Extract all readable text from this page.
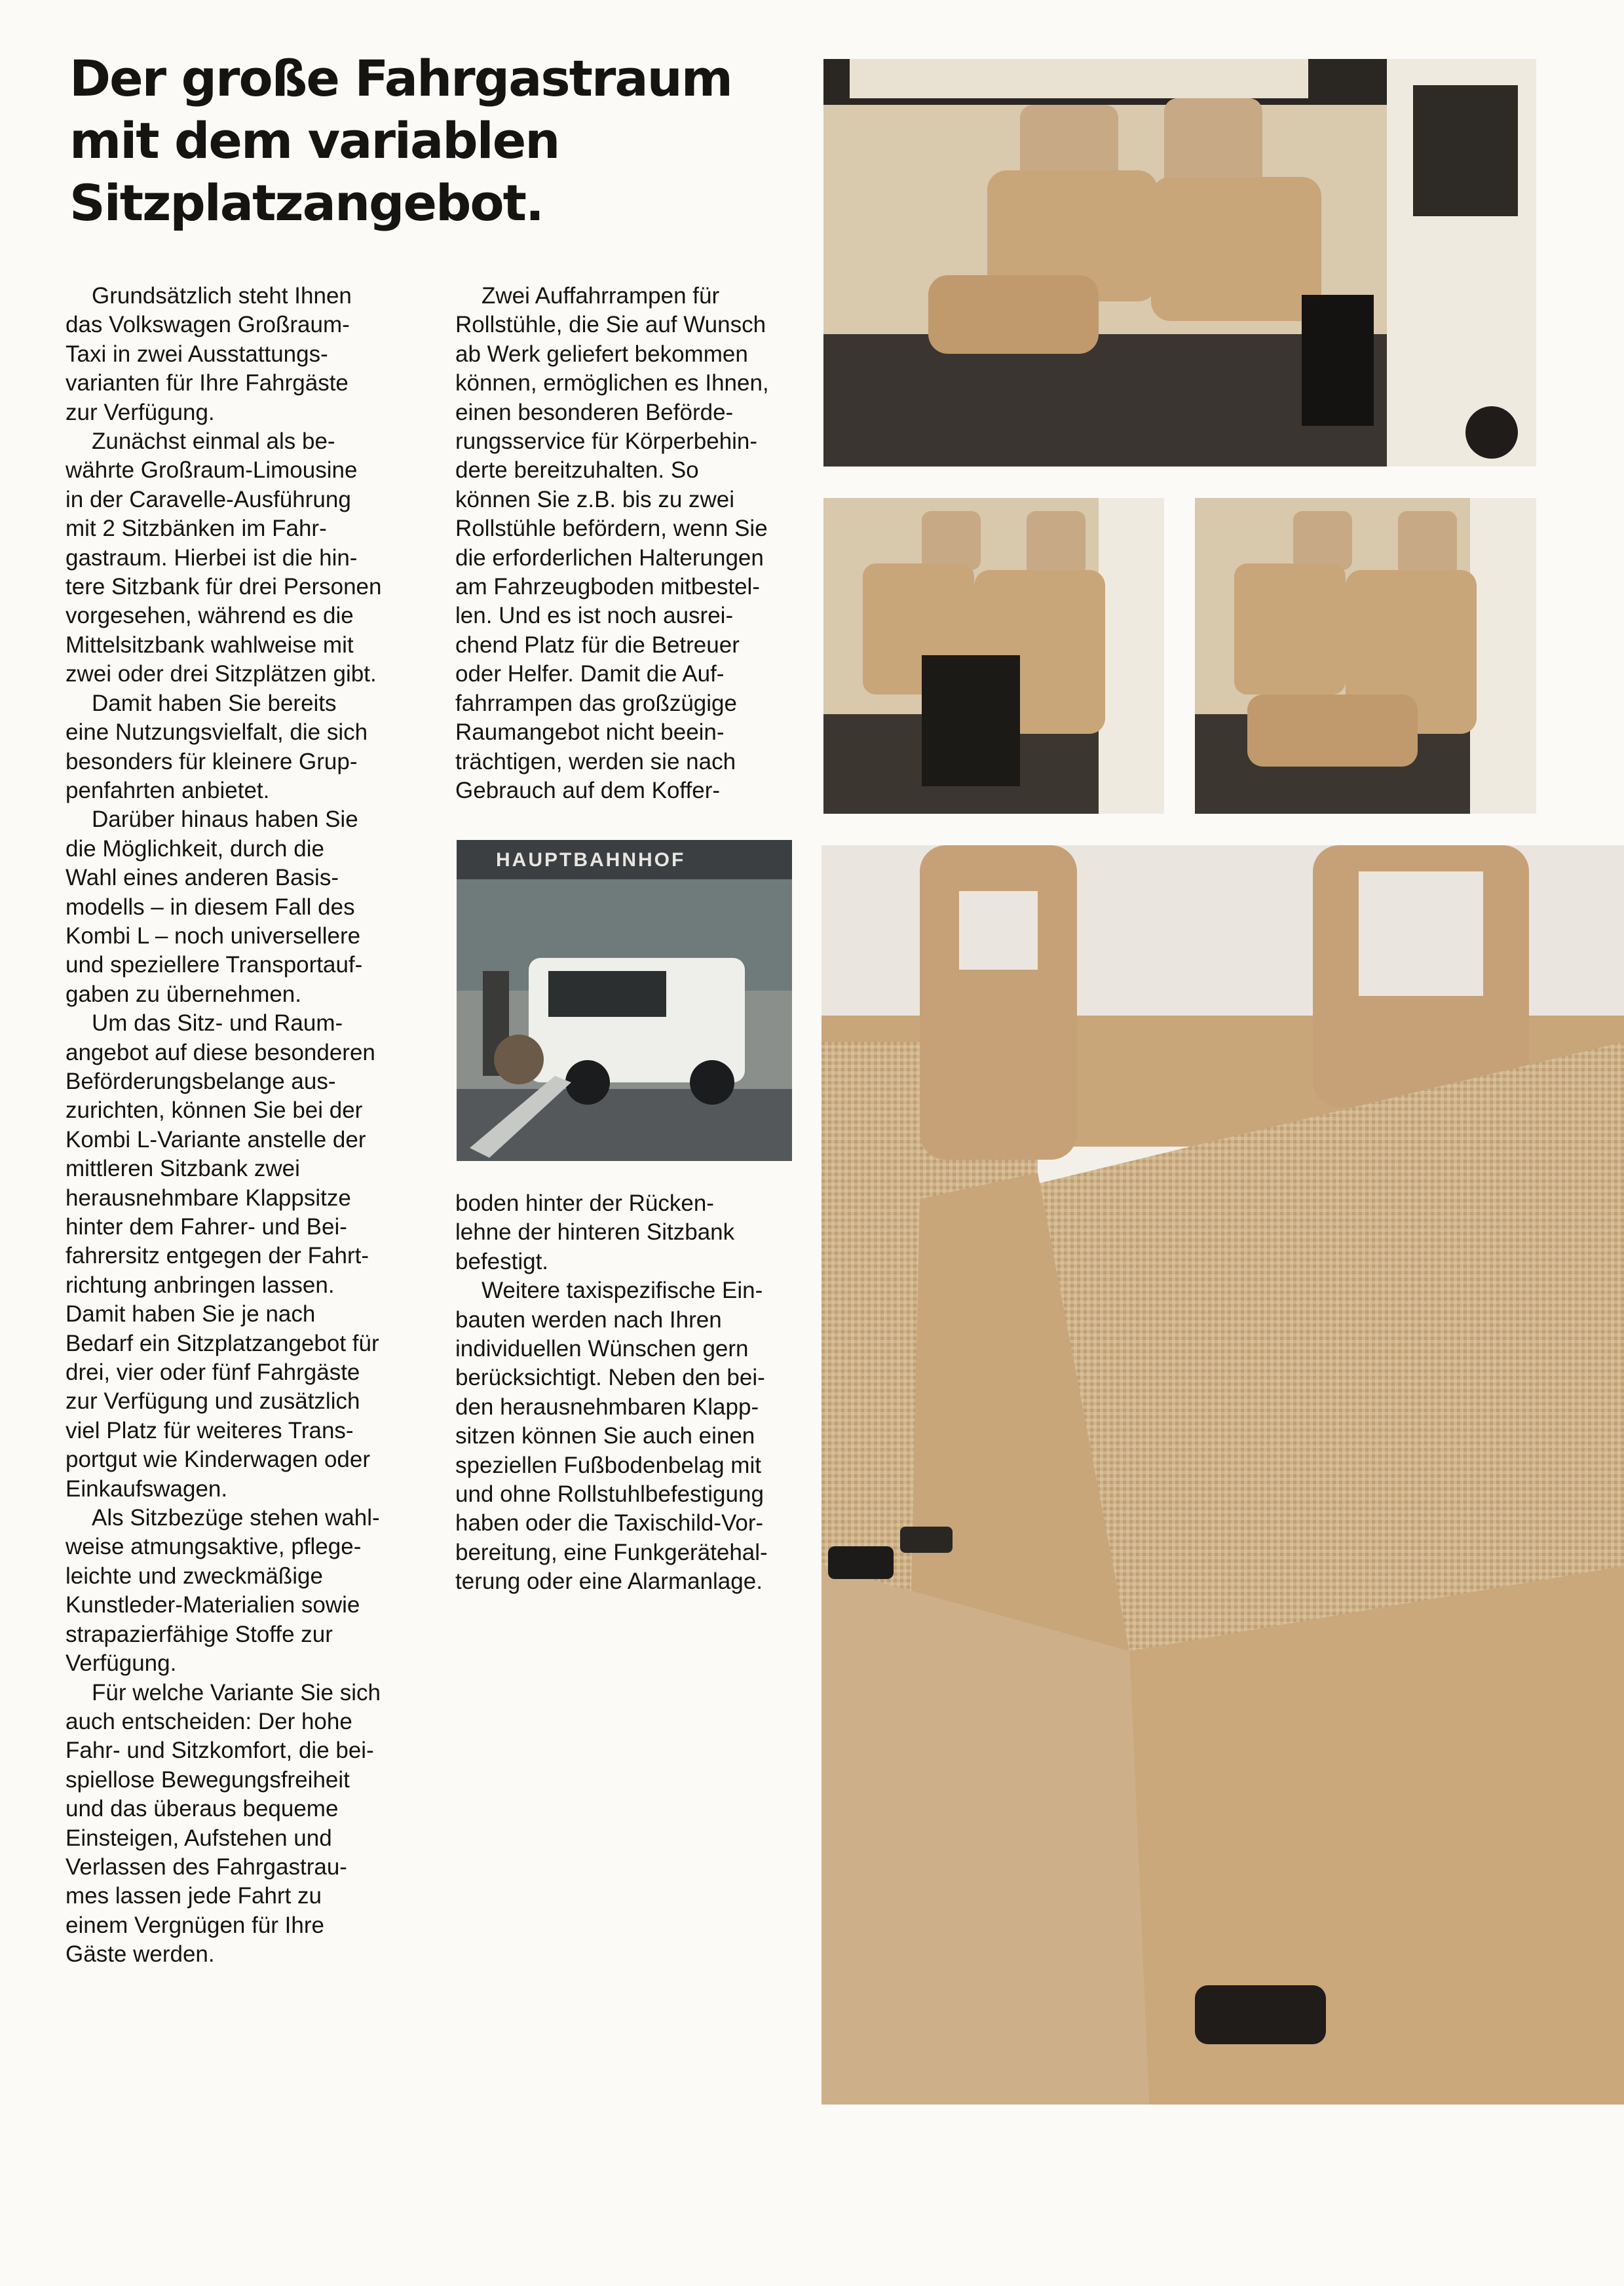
Der große Fahrgastraum
mit dem variablen
Sitzplatzangebot.

Grundsätzlich steht Ihnen
das Volkswagen Großraum-
Taxi in zwei Ausstattungs-
varianten für Ihre Fahrgäste
zur Verfügung.

Zunächst einmal als be-
währte Großraum-Limousine
in der Caravelle-Ausführung
mit 2 Sitzbänken im Fahr-
gastraum. Hierbei ist die hin-
tere Sitzbank für drei Personen
vorgesehen, während es die
Mittelsitzbank wahlweise mit
zwei oder drei Sitzplätzen gibt.

Damit haben Sie bereits
eine Nutzungsvielfalt, die sich
besonders für kleinere Grup-
penfahrten anbietet.

Darüber hinaus haben Sie
die Möglichkeit, durch die
Wahl eines anderen Basis-
modells – in diesem Fall des
Kombi L – noch universellere
und speziellere Transportauf-
gaben zu übernehmen.

Um das Sitz- und Raum-
angebot auf diese besonderen
Beförderungsbelange aus-
zurichten, können Sie bei der
Kombi L-Variante anstelle der
mittleren Sitzbank zwei
herausnehmbare Klappsitze
hinter dem Fahrer- und Bei-
fahrersitz entgegen der Fahrt-
richtung anbringen lassen.
Damit haben Sie je nach
Bedarf ein Sitzplatzangebot für
drei, vier oder fünf Fahrgäste
zur Verfügung und zusätzlich
viel Platz für weiteres Trans-
portgut wie Kinderwagen oder
Einkaufswagen.

Als Sitzbezüge stehen wahl-
weise atmungsaktive, pflege-
leichte und zweckmäßige
Kunstleder-Materialien sowie
strapazierfähige Stoffe zur
Verfügung.

Für welche Variante Sie sich
auch entscheiden: Der hohe
Fahr- und Sitzkomfort, die bei-
spiellose Bewegungsfreiheit
und das überaus bequeme
Einsteigen, Aufstehen und
Verlassen des Fahrgastrau-
mes lassen jede Fahrt zu
einem Vergnügen für Ihre
Gäste werden.

Zwei Auffahrrampen für
Rollstühle, die Sie auf Wunsch
ab Werk geliefert bekommen
können, ermöglichen es Ihnen,
einen besonderen Beförde-
rungsservice für Körperbehin-
derte bereitzuhalten. So
können Sie z.B. bis zu zwei
Rollstühle befördern, wenn Sie
die erforderlichen Halterungen
am Fahrzeugboden mitbestel-
len. Und es ist noch ausrei-
chend Platz für die Betreuer
oder Helfer. Damit die Auf-
fahrrampen das großzügige
Raumangebot nicht beein-
trächtigen, werden sie nach
Gebrauch auf dem Koffer-

boden hinter der Rücken-
lehne der hinteren Sitzbank
befestigt.

Weitere taxispezifische Ein-
bauten werden nach Ihren
individuellen Wünschen gern
berücksichtigt. Neben den bei-
den herausnehmbaren Klapp-
sitzen können Sie auch einen
speziellen Fußbodenbelag mit
und ohne Rollstuhlbefestigung
haben oder die Taxischild-Vor-
bereitung, eine Funkgerätehal-
terung oder eine Alarmanlage.

HAUPTBAHNHOF
